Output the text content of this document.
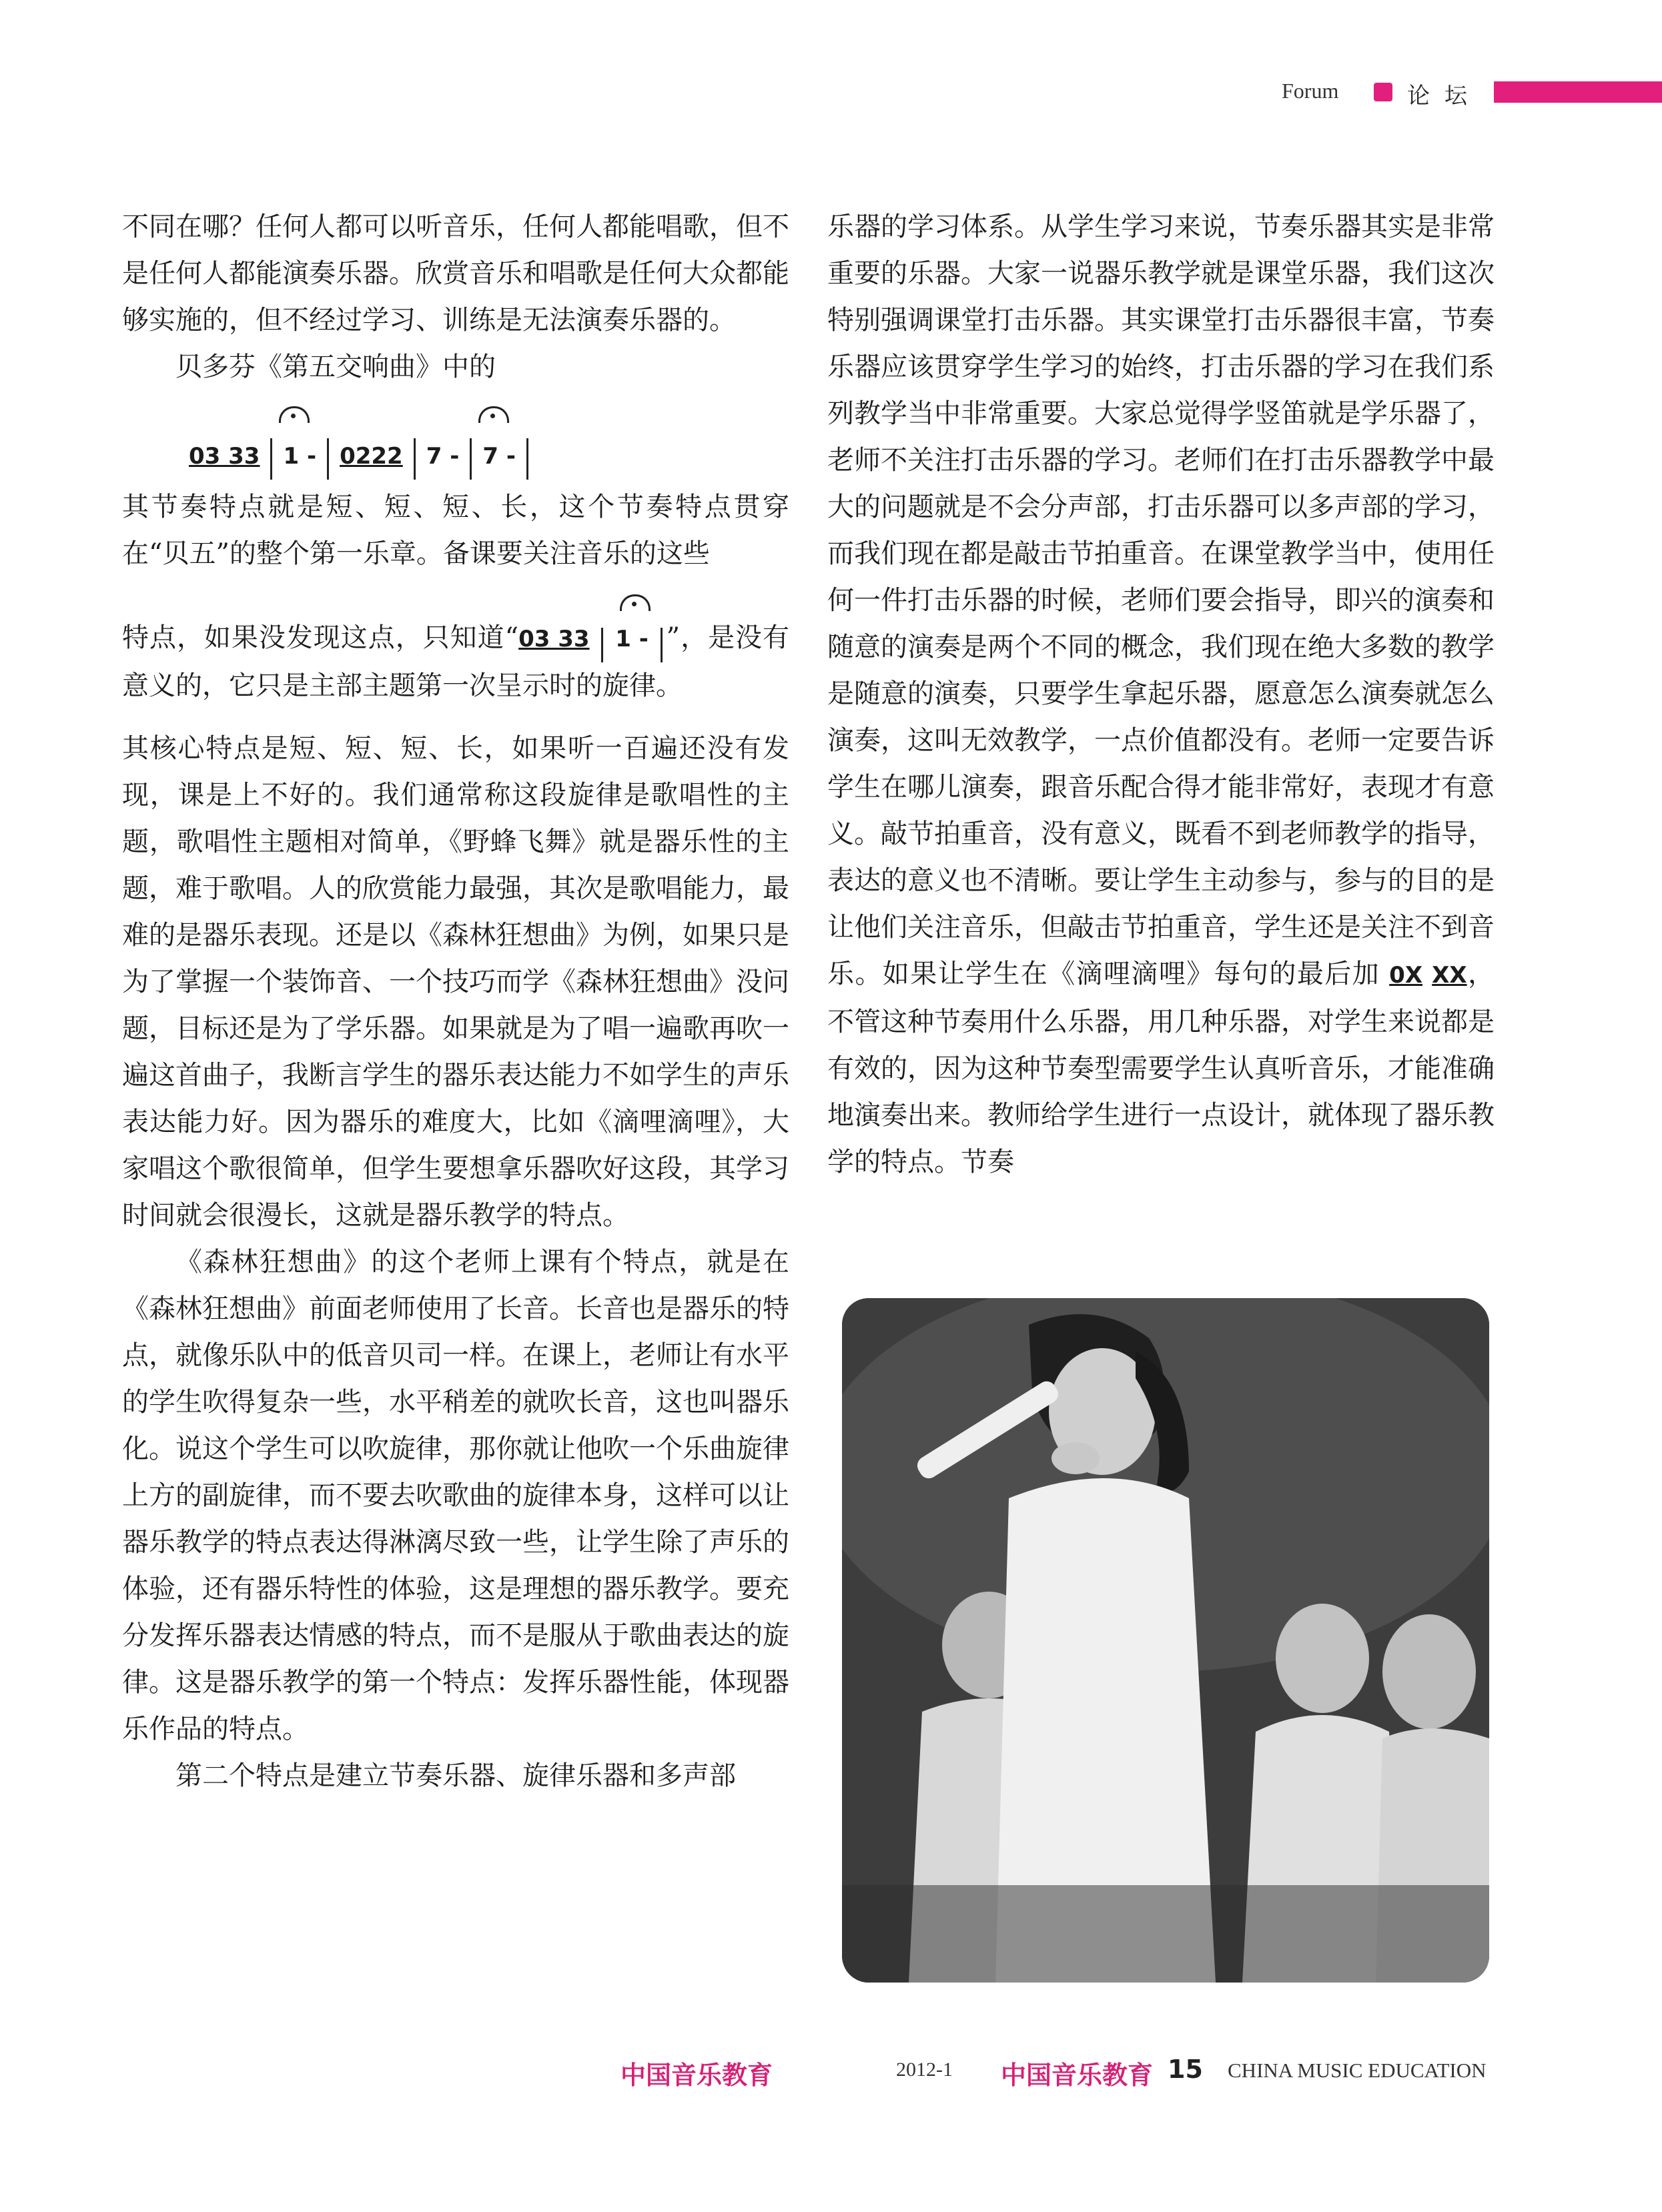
Forum	论坛

不同在哪？任何人都可以听音乐，任何人都能唱歌，但不是任何人都能演奏乐器。欣赏音乐和唱歌是任何大众都能够实施的，但不经过学习、训练是无法演奏乐器的。

贝多芬《第五交响曲》中的

03 33 1 - 0222 7 - 7 -

其节奏特点就是短、短、短、长，这个节奏特点贯穿在“贝五”的整个第一乐章。备课要关注音乐的这些

特点，如果没发现这点，只知道“03 33 1 - ”，是没有意义的，它只是主部主题第一次呈示时的旋律。

其核心特点是短、短、短、长，如果听一百遍还没有发现，课是上不好的。我们通常称这段旋律是歌唱性的主题，歌唱性主题相对简单，《野蜂飞舞》就是器乐性的主题，难于歌唱。人的欣赏能力最强，其次是歌唱能力，最难的是器乐表现。还是以《森林狂想曲》为例，如果只是为了掌握一个装饰音、一个技巧而学《森林狂想曲》没问题，目标还是为了学乐器。如果就是为了唱一遍歌再吹一遍这首曲子，我断言学生的器乐表达能力不如学生的声乐表达能力好。因为器乐的难度大，比如《滴哩滴哩》，大家唱这个歌很简单，但学生要想拿乐器吹好这段，其学习时间就会很漫长，这就是器乐教学的特点。

《森林狂想曲》的这个老师上课有个特点，就是在《森林狂想曲》前面老师使用了长音。长音也是器乐的特点，就像乐队中的低音贝司一样。在课上，老师让有水平的学生吹得复杂一些，水平稍差的就吹长音，这也叫器乐化。说这个学生可以吹旋律，那你就让他吹一个乐曲旋律上方的副旋律，而不要去吹歌曲的旋律本身，这样可以让器乐教学的特点表达得淋漓尽致一些，让学生除了声乐的体验，还有器乐特性的体验，这是理想的器乐教学。要充分发挥乐器表达情感的特点，而不是服从于歌曲表达的旋律。这是器乐教学的第一个特点：发挥乐器性能，体现器乐作品的特点。

第二个特点是建立节奏乐器、旋律乐器和多声部

乐器的学习体系。从学生学习来说，节奏乐器其实是非常重要的乐器。大家一说器乐教学就是课堂乐器，我们这次特别强调课堂打击乐器。其实课堂打击乐器很丰富，节奏乐器应该贯穿学生学习的始终，打击乐器的学习在我们系列教学当中非常重要。大家总觉得学竖笛就是学乐器了，老师不关注打击乐器的学习。老师们在打击乐器教学中最大的问题就是不会分声部，打击乐器可以多声部的学习，而我们现在都是敲击节拍重音。在课堂教学当中，使用任何一件打击乐器的时候，老师们要会指导，即兴的演奏和随意的演奏是两个不同的概念，我们现在绝大多数的教学是随意的演奏，只要学生拿起乐器，愿意怎么演奏就怎么演奏，这叫无效教学，一点价值都没有。老师一定要告诉学生在哪儿演奏，跟音乐配合得才能非常好，表现才有意义。敲节拍重音，没有意义，既看不到老师教学的指导，表达的意义也不清晰。要让学生主动参与，参与的目的是让他们关注音乐，但敲击节拍重音，学生还是关注不到音乐。如果让学生在《滴哩滴哩》每句的最后加 0X XX，不管这种节奏用什么乐器，用几种乐器，对学生来说都是有效的，因为这种节奏型需要学生认真听音乐，才能准确地演奏出来。教师给学生进行一点设计，就体现了器乐教学的特点。节奏

中国音乐教育	2012-1 中国音乐教育 15 CHINA MUSIC EDUCATION
